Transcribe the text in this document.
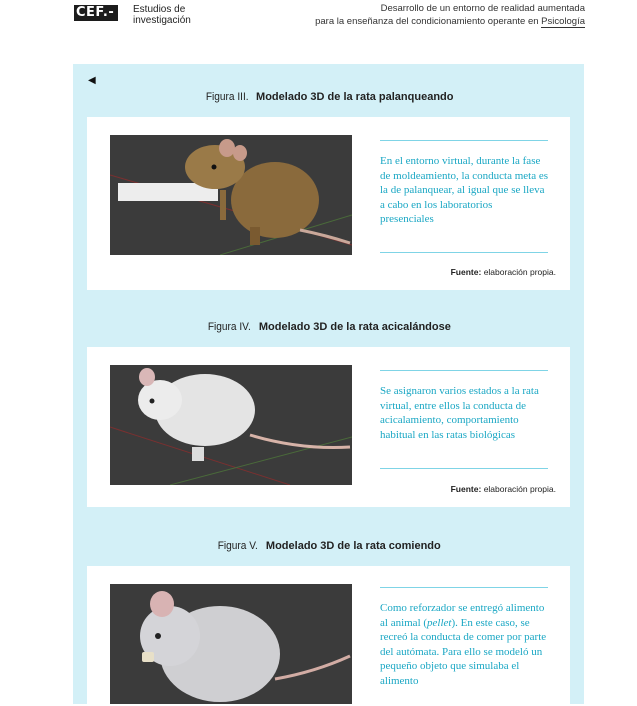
CEF.-	Estudios de
investigación
Desarrollo de un entorno de realidad aumentada
para la enseñanza del condicionamiento operante en Psicología
◀
Figura III. Modelado 3D de la rata palanqueando
En el entorno virtual, durante la fase de moldeamiento, la conducta meta es la de palanquear, al igual que se lleva a cabo en los laboratorios presenciales
Fuente: elaboración propia.
Figura IV. Modelado 3D de la rata acicalándose
Se asignaron varios estados a la rata virtual, entre ellos la conducta de acicalamiento, comportamiento habitual en las ratas biológicas
Fuente: elaboración propia.
Figura V. Modelado 3D de la rata comiendo
Como reforzador se entregó alimento al animal (pellet). En este caso, se recreó la conducta de comer por parte del autómata. Para ello se modeló un pequeño objeto que simulaba el alimento
